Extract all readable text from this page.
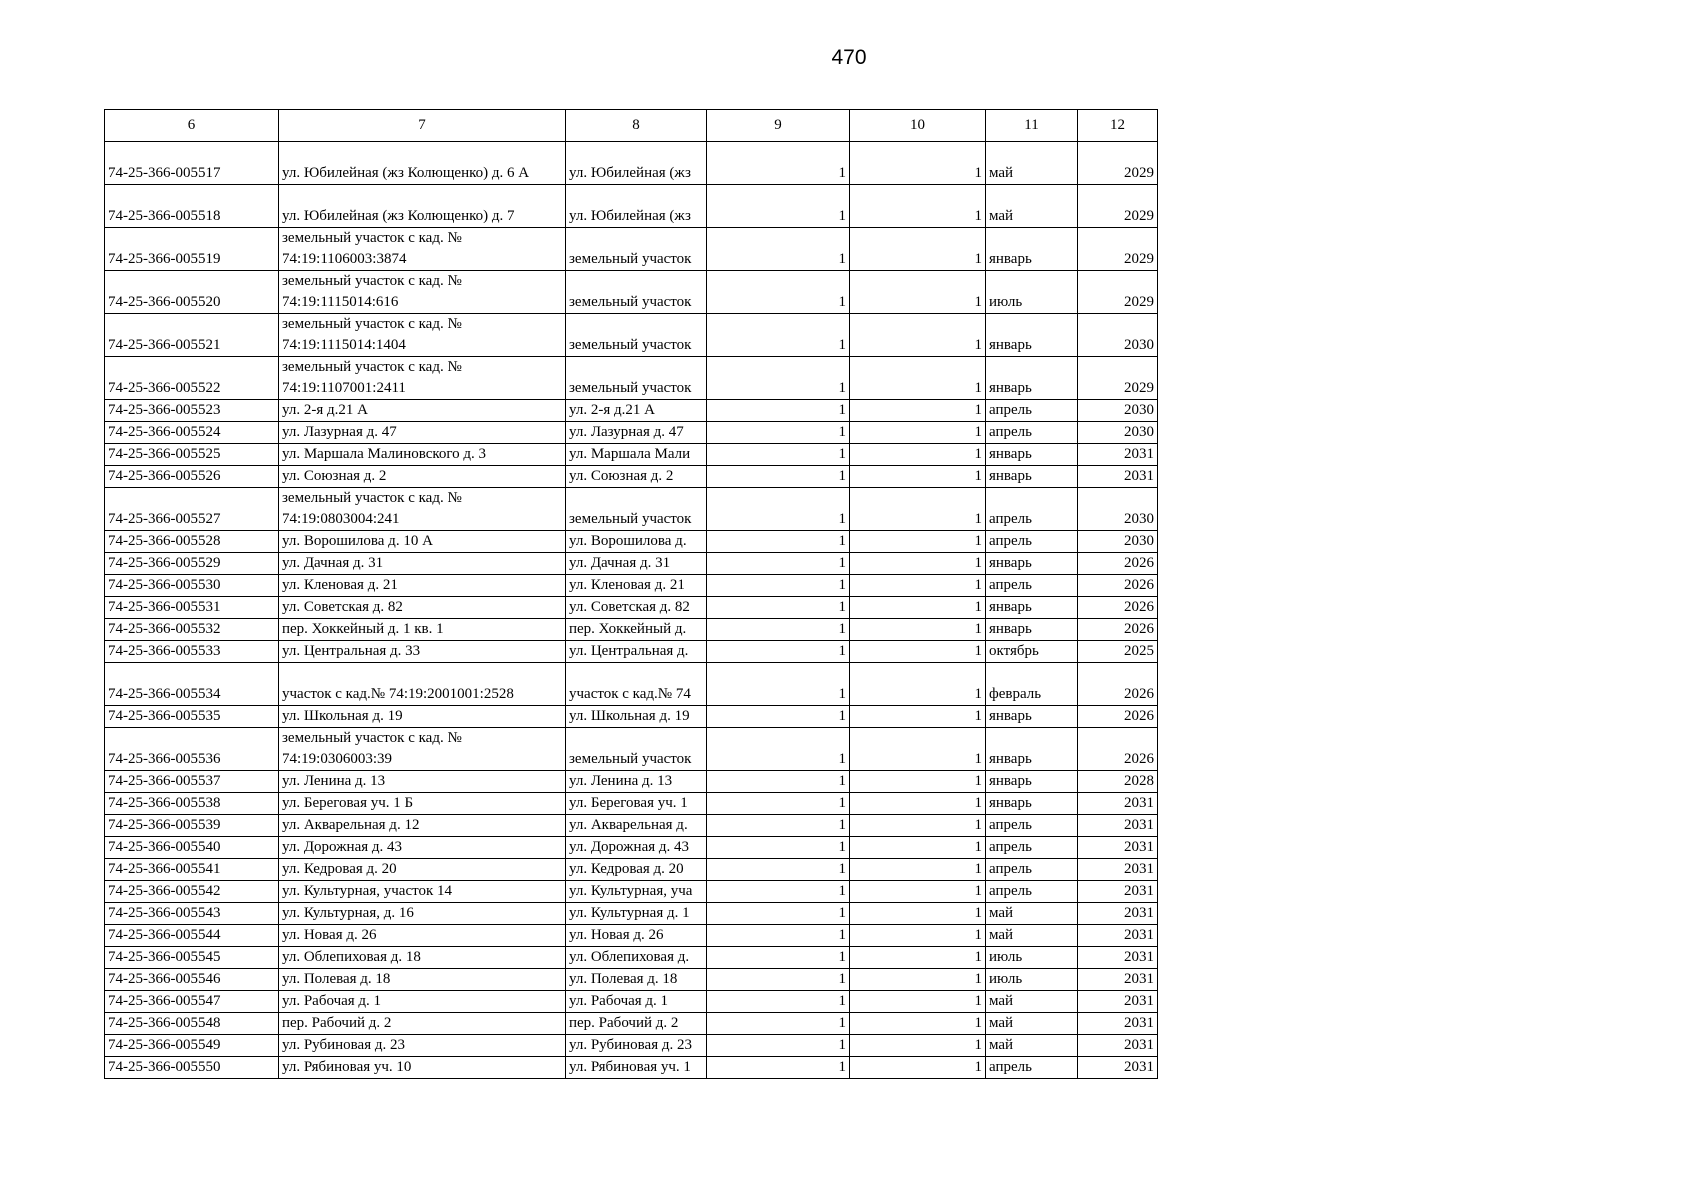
470
6	7	8	9	10	11	12
74-25-366-005517	ул. Юбилейная (жз Колющенко) д. 6 А	ул. Юбилейная (жз	1	1	май	2029
74-25-366-005518	ул. Юбилейная (жз Колющенко) д. 7	ул. Юбилейная (жз	1	1	май	2029
74-25-366-005519	земельный участок с кад. № 74:19:1106003:3874	земельный участок	1	1	январь	2029
74-25-366-005520	земельный участок с кад. № 74:19:1115014:616	земельный участок	1	1	июль	2029
74-25-366-005521	земельный участок с кад. № 74:19:1115014:1404	земельный участок	1	1	январь	2030
74-25-366-005522	земельный участок с кад. № 74:19:1107001:2411	земельный участок	1	1	январь	2029
74-25-366-005523	ул. 2-я д.21 А	ул. 2-я д.21 А	1	1	апрель	2030
74-25-366-005524	ул. Лазурная д. 47	ул. Лазурная д. 47	1	1	апрель	2030
74-25-366-005525	ул. Маршала Малиновского д. 3	ул. Маршала Мали	1	1	январь	2031
74-25-366-005526	ул. Союзная д. 2	ул. Союзная д. 2	1	1	январь	2031
74-25-366-005527	земельный участок с кад. № 74:19:0803004:241	земельный участок	1	1	апрель	2030
74-25-366-005528	ул. Ворошилова д. 10 А	ул. Ворошилова д.	1	1	апрель	2030
74-25-366-005529	ул. Дачная д. 31	ул. Дачная д. 31	1	1	январь	2026
74-25-366-005530	ул. Кленовая д. 21	ул. Кленовая д. 21	1	1	апрель	2026
74-25-366-005531	ул. Советская д. 82	ул. Советская д. 82	1	1	январь	2026
74-25-366-005532	пер. Хоккейный д. 1 кв. 1	пер. Хоккейный д.	1	1	январь	2026
74-25-366-005533	ул. Центральная д. 33	ул. Центральная д.	1	1	октябрь	2025
74-25-366-005534	участок с кад.№ 74:19:2001001:2528	участок с кад.№ 74	1	1	февраль	2026
74-25-366-005535	ул. Школьная д. 19	ул. Школьная д. 19	1	1	январь	2026
74-25-366-005536	земельный участок с кад. № 74:19:0306003:39	земельный участок	1	1	январь	2026
74-25-366-005537	ул. Ленина д. 13	ул. Ленина д. 13	1	1	январь	2028
74-25-366-005538	ул. Береговая уч. 1 Б	ул. Береговая уч. 1	1	1	январь	2031
74-25-366-005539	ул. Акварельная д. 12	ул. Акварельная д.	1	1	апрель	2031
74-25-366-005540	ул. Дорожная д. 43	ул. Дорожная д. 43	1	1	апрель	2031
74-25-366-005541	ул. Кедровая д. 20	ул. Кедровая д. 20	1	1	апрель	2031
74-25-366-005542	ул. Культурная, участок 14	ул. Культурная, уча	1	1	апрель	2031
74-25-366-005543	ул. Культурная, д. 16	ул. Культурная д. 1	1	1	май	2031
74-25-366-005544	ул. Новая д. 26	ул. Новая д. 26	1	1	май	2031
74-25-366-005545	ул. Облепиховая д. 18	ул. Облепиховая д.	1	1	июль	2031
74-25-366-005546	ул. Полевая д. 18	ул. Полевая д. 18	1	1	июль	2031
74-25-366-005547	ул. Рабочая д. 1	ул. Рабочая д. 1	1	1	май	2031
74-25-366-005548	пер. Рабочий д. 2	пер. Рабочий д. 2	1	1	май	2031
74-25-366-005549	ул. Рубиновая д. 23	ул. Рубиновая д. 23	1	1	май	2031
74-25-366-005550	ул. Рябиновая уч. 10	ул. Рябиновая уч. 1	1	1	апрель	2031
